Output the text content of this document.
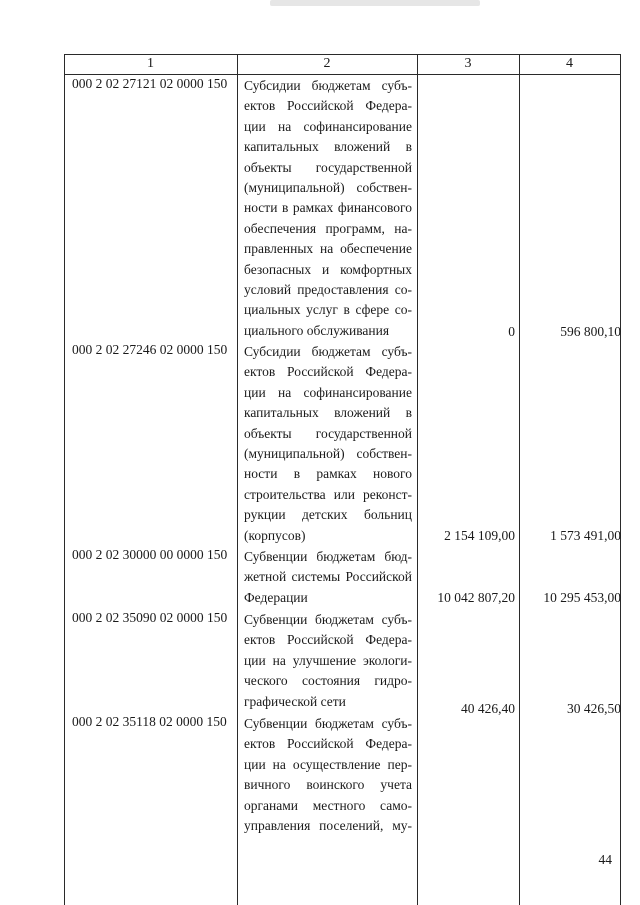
1	2	3	4
000 2 02 27121 02 0000 150	Субсидии бюджетам субъ-
ектов Российской Федера-
ции на софинансирование
капитальных вложений в
объекты государственной
(муниципальной) собствен-
ности в рамках финансового
обеспечения программ, на-
правленных на обеспечение
безопасных и комфортных
условий предоставления со-
циальных услуг в сфере со-
циального обслуживания	0	596 800,10
000 2 02 27246 02 0000 150	Субсидии бюджетам субъ-
ектов Российской Федера-
ции на софинансирование
капитальных вложений в
объекты государственной
(муниципальной) собствен-
ности в рамках нового
строительства или реконст-
рукции детских больниц
(корпусов)	2 154 109,00	1 573 491,00
000 2 02 30000 00 0000 150	Субвенции бюджетам бюд-
жетной системы Российской
Федерации	10 042 807,20	10 295 453,00
000 2 02 35090 02 0000 150	Субвенции бюджетам субъ-
ектов Российской Федера-
ции на улучшение экологи-
ческого состояния гидро-
графической сети	40 426,40	30 426,50
000 2 02 35118 02 0000 150	Субвенции бюджетам субъ-
ектов Российской Федера-
ции на осуществление пер-
вичного воинского учета
органами местного само-
управления поселений, му-
44
